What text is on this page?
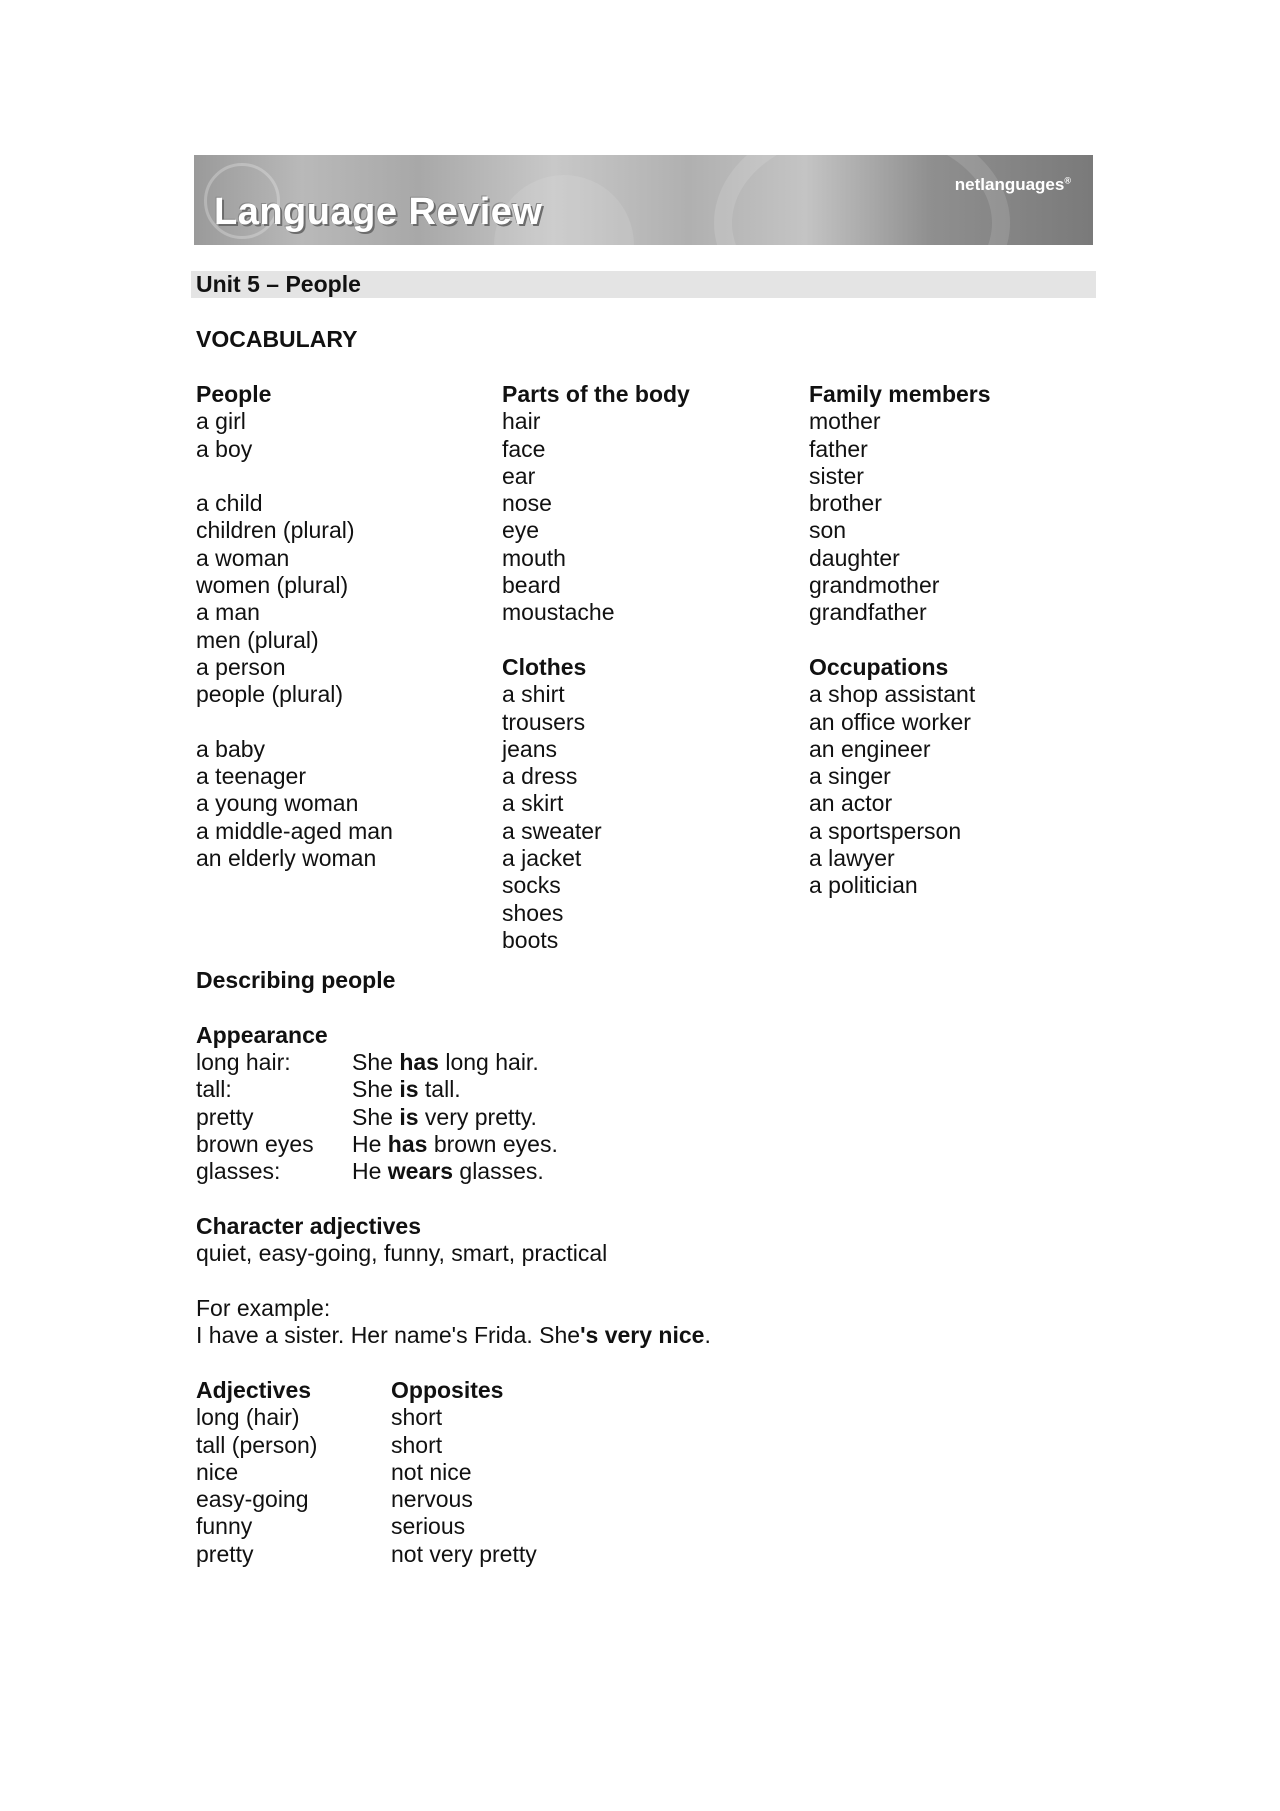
Language Review
netlanguages®
Unit 5 – People
VOCABULARY
People
a girl
a boy
a child
children (plural)
a woman
women (plural)
a man
men (plural)
a person
people (plural)
a baby
a teenager
a young woman
a middle-aged man
an elderly woman
Parts of the body
hair
face
ear
nose
eye
mouth
beard
moustache
Clothes
a shirt
trousers
jeans
a dress
a skirt
a sweater
a jacket
socks
shoes
boots
Family members
mother
father
sister
brother
son
daughter
grandmother
grandfather
Occupations
a shop assistant
an office worker
an engineer
a singer
an actor
a sportsperson
a lawyer
a politician
Describing people
Appearance
long hair:
tall:
pretty
brown eyes
glasses:
She has long hair.
She is tall.
She is very pretty.
He has brown eyes.
He wears glasses.
Character adjectives
quiet, easy-going, funny, smart, practical
For example:
I have a sister. Her name's Frida. She's very nice.
Adjectives
long (hair)
tall (person)
nice
easy-going
funny
pretty
Opposites
short
short
not nice
nervous
serious
not very pretty
